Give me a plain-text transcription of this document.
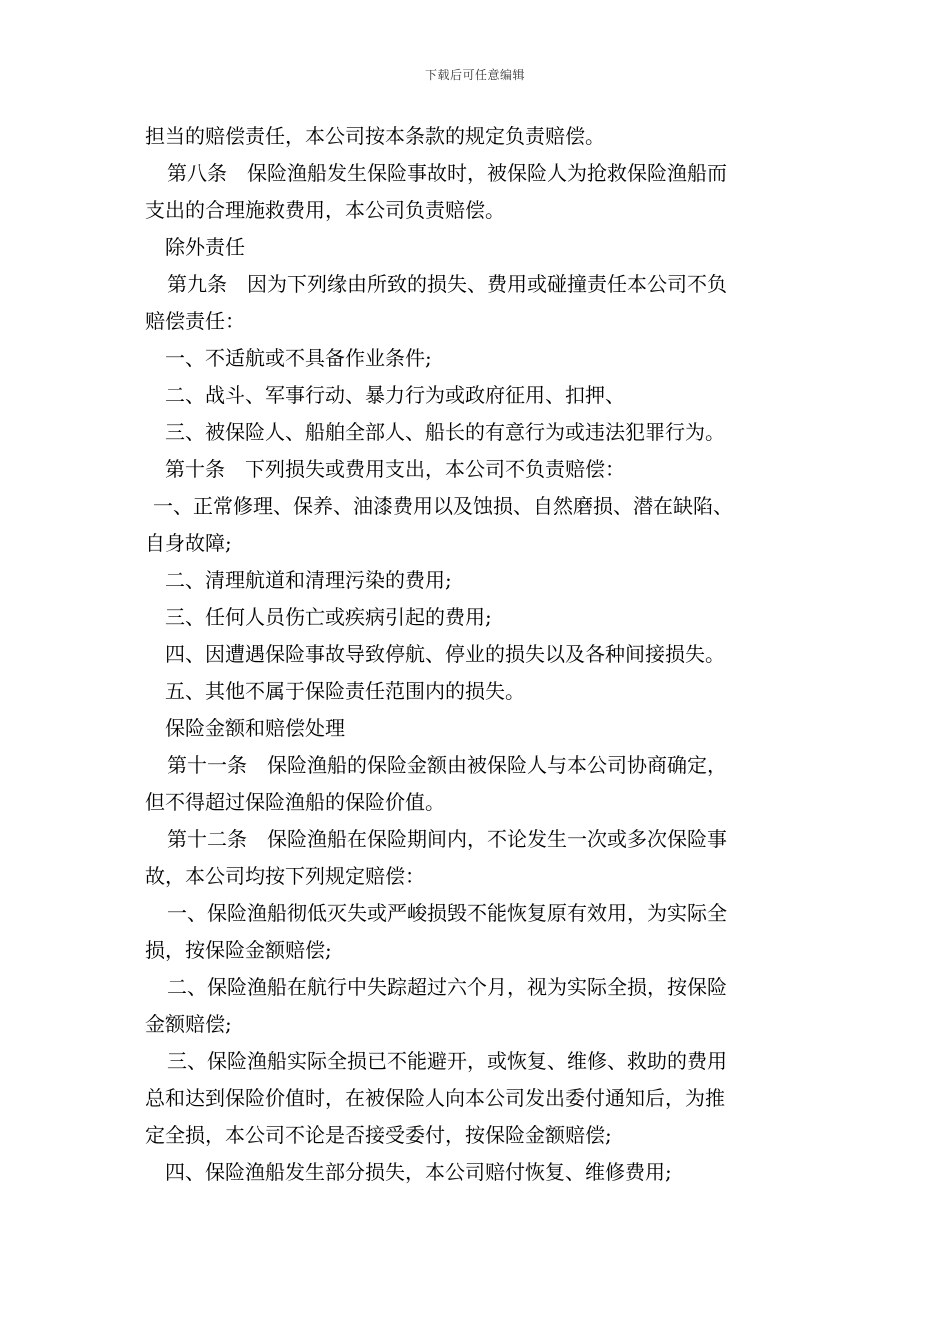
下载后可任意编辑
担当的赔偿责任，本公司按本条款的规定负责赔偿。
第八条　保险渔船发生保险事故时，被保险人为抢救保险渔船而
支出的合理施救费用，本公司负责赔偿。
除外责任
第九条　因为下列缘由所致的损失、费用或碰撞责任本公司不负
赔偿责任：
一、不适航或不具备作业条件;
二、战斗、军事行动、暴力行为或政府征用、扣押、
三、被保险人、船舶全部人、船长的有意行为或违法犯罪行为。
第十条　下列损失或费用支出，本公司不负责赔偿：
一、正常修理、保养、油漆费用以及蚀损、自然磨损、潜在缺陷、
自身故障;
二、清理航道和清理污染的费用;
三、任何人员伤亡或疾病引起的费用;
四、因遭遇保险事故导致停航、停业的损失以及各种间接损失。
五、其他不属于保险责任范围内的损失。
保险金额和赔偿处理
第十一条　保险渔船的保险金额由被保险人与本公司协商确定，
但不得超过保险渔船的保险价值。
第十二条　保险渔船在保险期间内，不论发生一次或多次保险事
故，本公司均按下列规定赔偿：
一、保险渔船彻低灭失或严峻损毁不能恢复原有效用，为实际全
损，按保险金额赔偿;
二、保险渔船在航行中失踪超过六个月，视为实际全损，按保险
金额赔偿;
三、保险渔船实际全损已不能避开，或恢复、维修、救助的费用
总和达到保险价值时，在被保险人向本公司发出委付通知后，为推
定全损，本公司不论是否接受委付，按保险金额赔偿;
四、保险渔船发生部分损失，本公司赔付恢复、维修费用;
